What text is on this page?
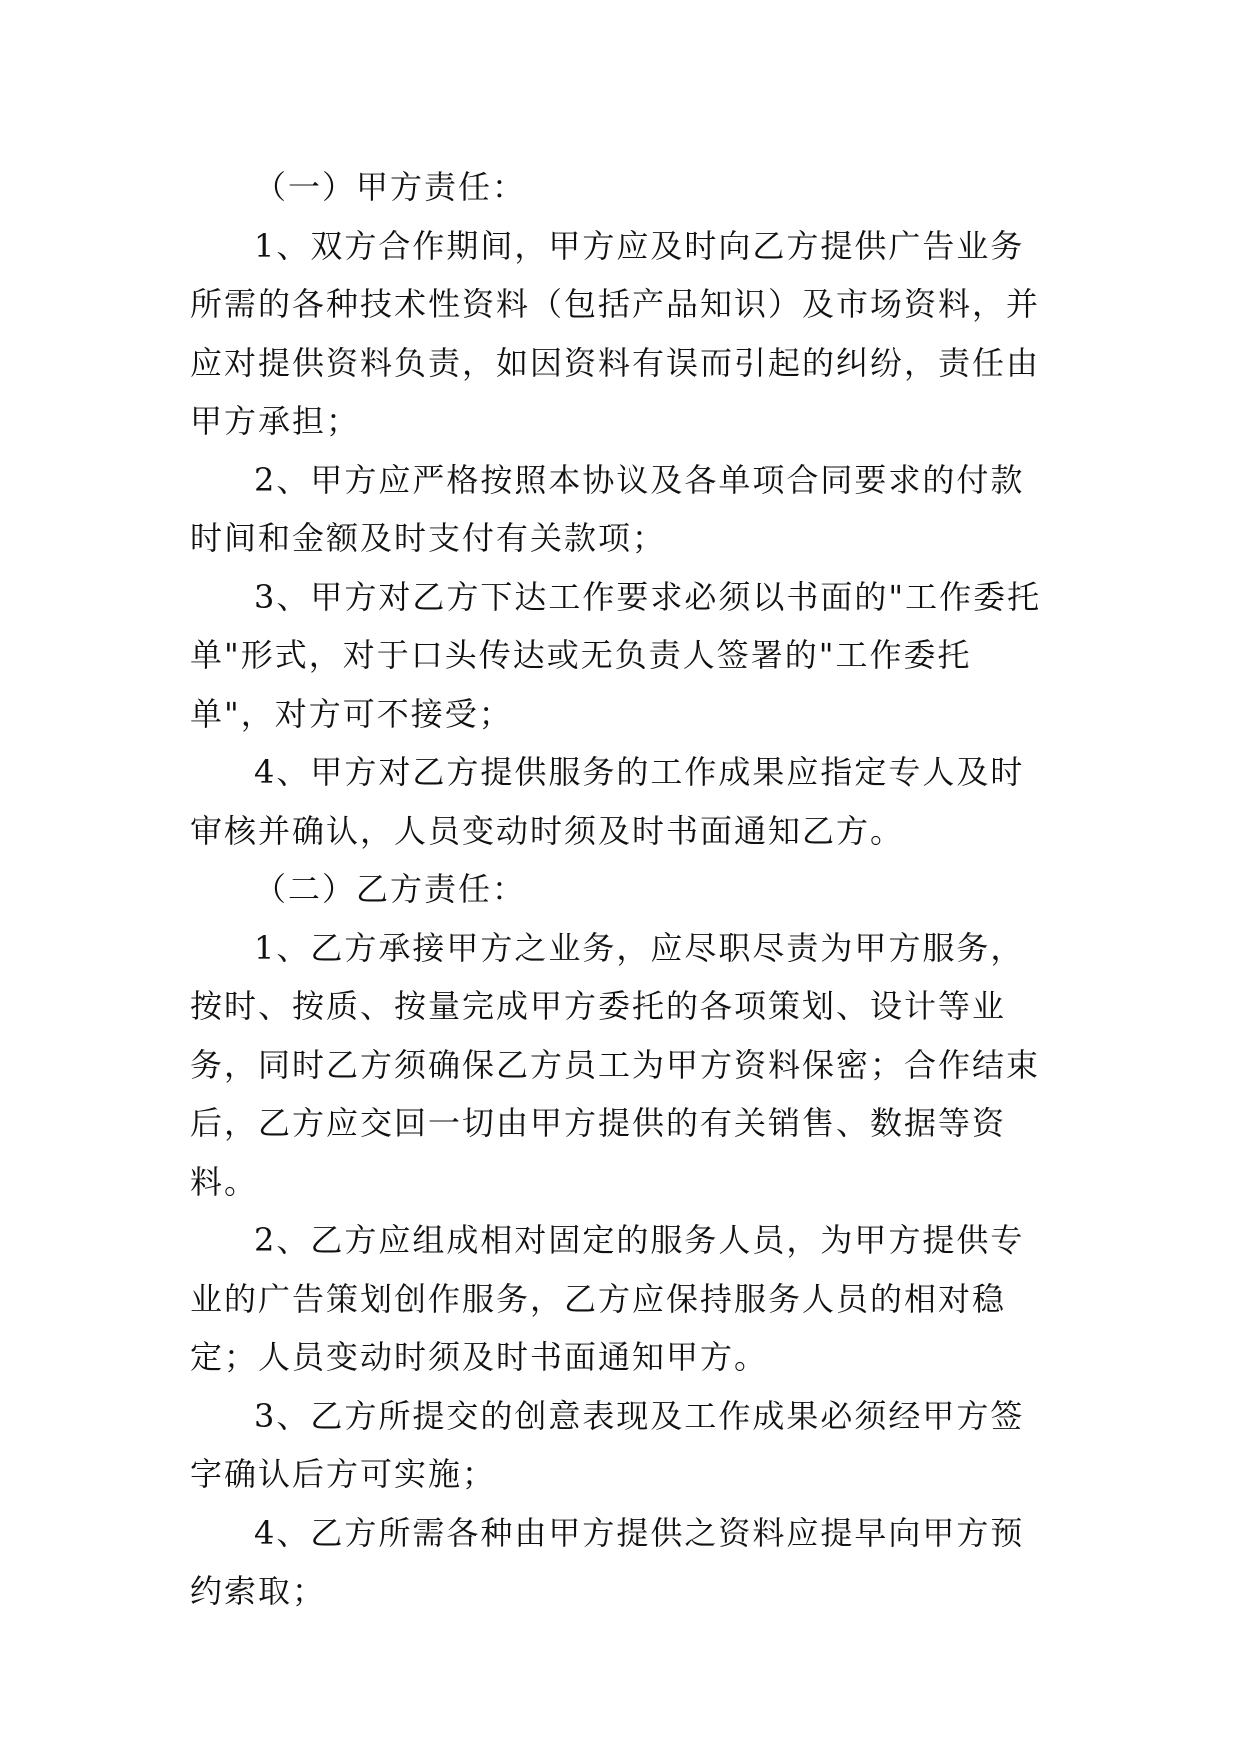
（一）甲方责任：

1、双方合作期间，甲方应及时向乙方提供广告业务所需的各种技术性资料（包括产品知识）及市场资料，并应对提供资料负责，如因资料有误而引起的纠纷，责任由甲方承担；

2、甲方应严格按照本协议及各单项合同要求的付款时间和金额及时支付有关款项；

3、甲方对乙方下达工作要求必须以书面的"工作委托单"形式，对于口头传达或无负责人签署的"工作委托单"，对方可不接受；

4、甲方对乙方提供服务的工作成果应指定专人及时审核并确认，人员变动时须及时书面通知乙方。

（二）乙方责任：

1、乙方承接甲方之业务，应尽职尽责为甲方服务，按时、按质、按量完成甲方委托的各项策划、设计等业务，同时乙方须确保乙方员工为甲方资料保密；合作结束后，乙方应交回一切由甲方提供的有关销售、数据等资料。

2、乙方应组成相对固定的服务人员，为甲方提供专业的广告策划创作服务，乙方应保持服务人员的相对稳定；人员变动时须及时书面通知甲方。

3、乙方所提交的创意表现及工作成果必须经甲方签字确认后方可实施；

4、乙方所需各种由甲方提供之资料应提早向甲方预约索取；
